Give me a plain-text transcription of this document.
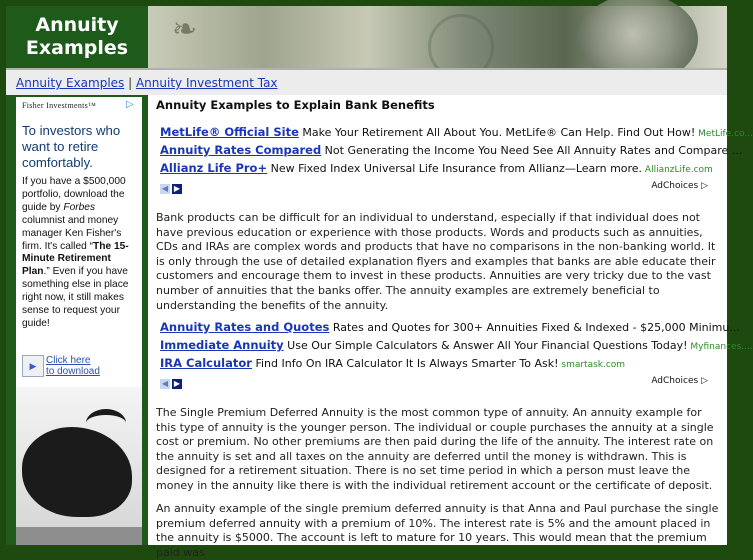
Annuity
Examples
❧
Annuity Examples | Annuity Investment Tax
Fisher Investments™	▷
To investors who want to retire comfortably.
If you have a $500,000 portfolio, download the guide by Forbes columnist and money manager Ken Fisher's firm. It's called “The 15-Minute Retirement Plan.” Even if you have something else in place right now, it still makes sense to request your guide!
▶ Click here
to download
Annuity Examples to Explain Bank Benefits
MetLife® Official Site Make Your Retirement All About You. MetLife® Can Help. Find Out How! MetLife.co...
Annuity Rates Compared Not Generating the Income You Need See All Annuity Rates and Compare ...
Allianz Life Pro+ New Fixed Index Universal Life Insurance from Allianz—Learn more. AllianzLife.com
◀ ▶	AdChoices ▷

Bank products can be difficult for an individual to understand, especially if that individual does not have previous education or experience with those products. Words and products such as annuities, CDs and IRAs are complex words and products that have no comparisons in the non-banking world. It is only through the use of detailed explanation flyers and examples that banks are able educate their customers and encourage them to invest in these products. Annuities are very tricky due to the vast number of annuities that the banks offer. The annuity examples are extremely beneficial to understanding the benefits of the annuity.

Annuity Rates and Quotes Rates and Quotes for 300+ Annuities Fixed & Indexed - $25,000 Minimu...
Immediate Annuity Use Our Simple Calculators & Answer All Your Financial Questions Today! Myfinances....
IRA Calculator Find Info On IRA Calculator It Is Always Smarter To Ask! smartask.com
◀ ▶	AdChoices ▷

The Single Premium Deferred Annuity is the most common type of annuity. An annuity example for this type of annuity is the younger person. The individual or couple purchases the annuity at a single cost or premium. No other premiums are then paid during the life of the annuity. The interest rate on the annuity is set and all taxes on the annuity are deferred until the money is withdrawn. This is designed for a retirement situation. There is no set time period in which a person must leave the money in the annuity like there is with the individual retirement account or the certificate of deposit.

An annuity example of the single premium deferred annuity is that Anna and Paul purchase the single premium deferred annuity with a premium of 10%. The interest rate is 5% and the amount placed in the annuity is $5000. The account is left to mature for 10 years. This would mean that the premium paid was
